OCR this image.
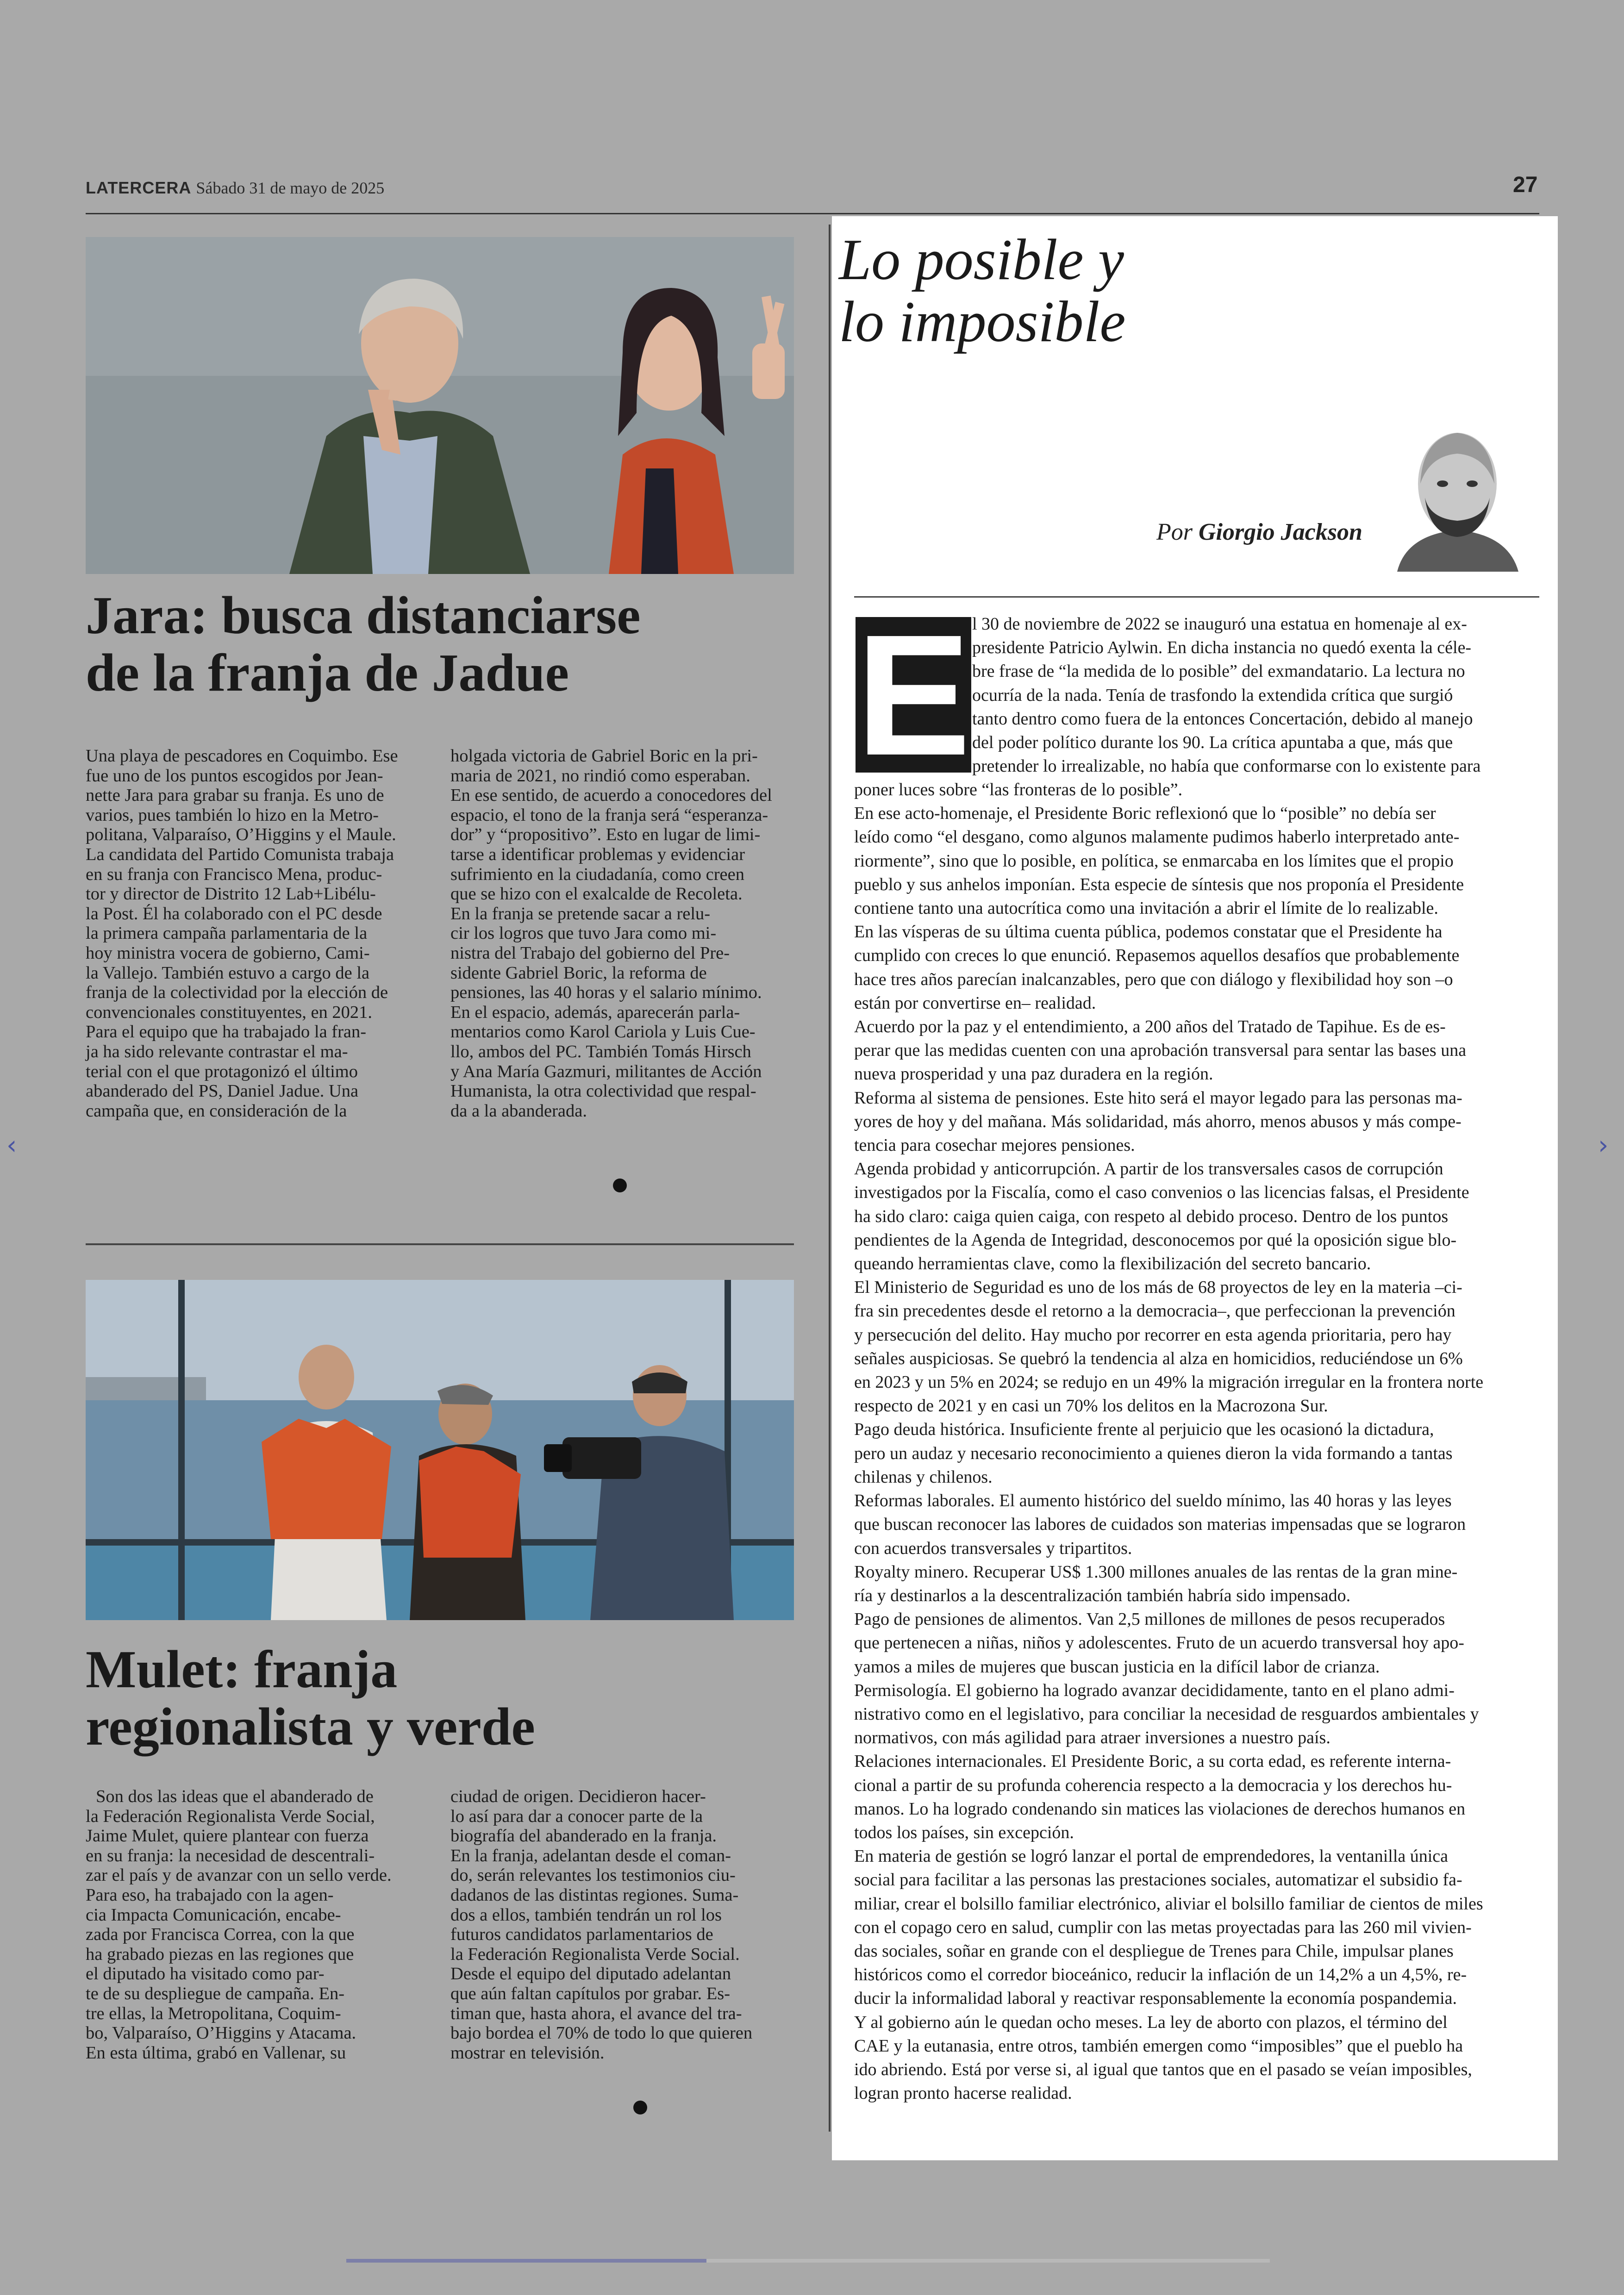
LATERCERA Sábado 31 de mayo de 2025	27
Jara: busca distanciarse
de la franja de Jadue
Una playa de pescadores en Coquimbo. Ese
fue uno de los puntos escogidos por Jean-
nette Jara para grabar su franja. Es uno de
varios, pues también lo hizo en la Metro-
politana, Valparaíso, O’Higgins y el Maule.
La candidata del Partido Comunista trabaja
en su franja con Francisco Mena, produc-
tor y director de Distrito 12 Lab+Libélu-
la Post. Él ha colaborado con el PC desde
la primera campaña parlamentaria de la
hoy ministra vocera de gobierno, Cami-
la Vallejo. También estuvo a cargo de la
franja de la colectividad por la elección de
convencionales constituyentes, en 2021.
Para el equipo que ha trabajado la fran-
ja ha sido relevante contrastar el ma-
terial con el que protagonizó el último
abanderado del PS, Daniel Jadue. Una
campaña que, en consideración de la
holgada victoria de Gabriel Boric en la pri-
maria de 2021, no rindió como esperaban.
En ese sentido, de acuerdo a conocedores del
espacio, el tono de la franja será “esperanza-
dor” y “propositivo”. Esto en lugar de limi-
tarse a identificar problemas y evidenciar
sufrimiento en la ciudadanía, como creen
que se hizo con el exalcalde de Recoleta.
En la franja se pretende sacar a relu-
cir los logros que tuvo Jara como mi-
nistra del Trabajo del gobierno del Pre-
sidente Gabriel Boric, la reforma de
pensiones, las 40 horas y el salario mínimo.
En el espacio, además, aparecerán parla-
mentarios como Karol Cariola y Luis Cue-
llo, ambos del PC. También Tomás Hirsch
y Ana María Gazmuri, militantes de Acción
Humanista, la otra colectividad que respal-
da a la abanderada.
Mulet: franja
regionalista y verde
Son dos las ideas que el abanderado de
la Federación Regionalista Verde Social,
Jaime Mulet, quiere plantear con fuerza
en su franja: la necesidad de descentrali-
zar el país y de avanzar con un sello verde.
Para eso, ha trabajado con la agen-
cia Impacta Comunicación, encabe-
zada por Francisca Correa, con la que
ha grabado piezas en las regiones que
el diputado ha visitado como par-
te de su despliegue de campaña. En-
tre ellas, la Metropolitana, Coquim-
bo, Valparaíso, O’Higgins y Atacama.
En esta última, grabó en Vallenar, su
ciudad de origen. Decidieron hacer-
lo así para dar a conocer parte de la
biografía del abanderado en la franja.
En la franja, adelantan desde el coman-
do, serán relevantes los testimonios ciu-
dadanos de las distintas regiones. Suma-
dos a ellos, también tendrán un rol los
futuros candidatos parlamentarios de
la Federación Regionalista Verde Social.
Desde el equipo del diputado adelantan
que aún faltan capítulos por grabar. Es-
timan que, hasta ahora, el avance del tra-
bajo bordea el 70% de todo lo que quieren
mostrar en televisión.
Lo posible y
lo imposible
Por Giorgio Jackson
E l 30 de noviembre de 2022 se inauguró una estatua en homenaje al ex-
presidente Patricio Aylwin. En dicha instancia no quedó exenta la céle-
bre frase de “la medida de lo posible” del exmandatario. La lectura no
ocurría de la nada. Tenía de trasfondo la extendida crítica que surgió
tanto dentro como fuera de la entonces Concertación, debido al manejo
del poder político durante los 90. La crítica apuntaba a que, más que
pretender lo irrealizable, no había que conformarse con lo existente para
poner luces sobre “las fronteras de lo posible”.
En ese acto-homenaje, el Presidente Boric reflexionó que lo “posible” no debía ser
leído como “el desgano, como algunos malamente pudimos haberlo interpretado ante-
riormente”, sino que lo posible, en política, se enmarcaba en los límites que el propio
pueblo y sus anhelos imponían. Esta especie de síntesis que nos proponía el Presidente
contiene tanto una autocrítica como una invitación a abrir el límite de lo realizable.
En las vísperas de su última cuenta pública, podemos constatar que el Presidente ha
cumplido con creces lo que enunció. Repasemos aquellos desafíos que probablemente
hace tres años parecían inalcanzables, pero que con diálogo y flexibilidad hoy son –o
están por convertirse en– realidad.
Acuerdo por la paz y el entendimiento, a 200 años del Tratado de Tapihue. Es de es-
perar que las medidas cuenten con una aprobación transversal para sentar las bases una
nueva prosperidad y una paz duradera en la región.
Reforma al sistema de pensiones. Este hito será el mayor legado para las personas ma-
yores de hoy y del mañana. Más solidaridad, más ahorro, menos abusos y más compe-
tencia para cosechar mejores pensiones.
Agenda probidad y anticorrupción. A partir de los transversales casos de corrupción
investigados por la Fiscalía, como el caso convenios o las licencias falsas, el Presidente
ha sido claro: caiga quien caiga, con respeto al debido proceso. Dentro de los puntos
pendientes de la Agenda de Integridad, desconocemos por qué la oposición sigue blo-
queando herramientas clave, como la flexibilización del secreto bancario.
El Ministerio de Seguridad es uno de los más de 68 proyectos de ley en la materia –ci-
fra sin precedentes desde el retorno a la democracia–, que perfeccionan la prevención
y persecución del delito. Hay mucho por recorrer en esta agenda prioritaria, pero hay
señales auspiciosas. Se quebró la tendencia al alza en homicidios, reduciéndose un 6%
en 2023 y un 5% en 2024; se redujo en un 49% la migración irregular en la frontera norte
respecto de 2021 y en casi un 70% los delitos en la Macrozona Sur.
Pago deuda histórica. Insuficiente frente al perjuicio que les ocasionó la dictadura,
pero un audaz y necesario reconocimiento a quienes dieron la vida formando a tantas
chilenas y chilenos.
Reformas laborales. El aumento histórico del sueldo mínimo, las 40 horas y las leyes
que buscan reconocer las labores de cuidados son materias impensadas que se lograron
con acuerdos transversales y tripartitos.
Royalty minero. Recuperar US$ 1.300 millones anuales de las rentas de la gran mine-
ría y destinarlos a la descentralización también habría sido impensado.
Pago de pensiones de alimentos. Van 2,5 millones de millones de pesos recuperados
que pertenecen a niñas, niños y adolescentes. Fruto de un acuerdo transversal hoy apo-
yamos a miles de mujeres que buscan justicia en la difícil labor de crianza.
Permisología. El gobierno ha logrado avanzar decididamente, tanto en el plano admi-
nistrativo como en el legislativo, para conciliar la necesidad de resguardos ambientales y
normativos, con más agilidad para atraer inversiones a nuestro país.
Relaciones internacionales. El Presidente Boric, a su corta edad, es referente interna-
cional a partir de su profunda coherencia respecto a la democracia y los derechos hu-
manos. Lo ha logrado condenando sin matices las violaciones de derechos humanos en
todos los países, sin excepción.
En materia de gestión se logró lanzar el portal de emprendedores, la ventanilla única
social para facilitar a las personas las prestaciones sociales, automatizar el subsidio fa-
miliar, crear el bolsillo familiar electrónico, aliviar el bolsillo familiar de cientos de miles
con el copago cero en salud, cumplir con las metas proyectadas para las 260 mil vivien-
das sociales, soñar en grande con el despliegue de Trenes para Chile, impulsar planes
históricos como el corredor bioceánico, reducir la inflación de un 14,2% a un 4,5%, re-
ducir la informalidad laboral y reactivar responsablemente la economía pospandemia.
Y al gobierno aún le quedan ocho meses. La ley de aborto con plazos, el término del
CAE y la eutanasia, entre otros, también emergen como “imposibles” que el pueblo ha
ido abriendo. Está por verse si, al igual que tantos que en el pasado se veían imposibles,
logran pronto hacerse realidad.
‹	›
